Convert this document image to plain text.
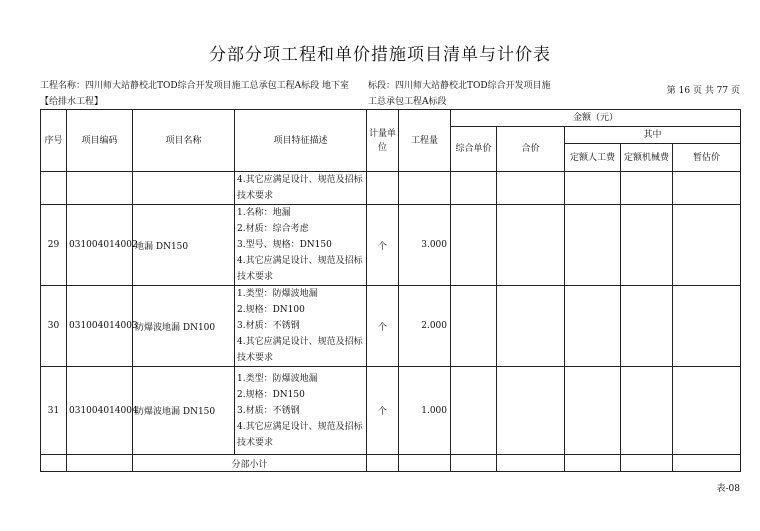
分部分项工程和单价措施项目清单与计价表
工程名称：四川师大站静校北TOD综合开发项目施工总承包工程A标段 地下室【给排水工程】
标段：四川师大站静校北TOD综合开发项目施工总承包工程A标段
第 16 页 共 77 页
序号	项目编码	项目名称	项目特征描述	计量单位	工程量	金额（元）				
						综合单价	合价	其中		
								定额人工费	定额机械费	暂估价

			4.其它应满足设计、规范及招标技术要求							

29	031004014002	地漏 DN150	1.名称：地漏
2.材质：综合考虑
3.型号、规格：DN150
4.其它应满足设计、规范及招标技术要求	个	3.000					
30	031004014003	防爆波地漏 DN100	1.类型：防爆波地漏
2.规格：DN100
3.材质：不锈钢
4.其它应满足设计、规范及招标技术要求	个	2.000					
31	031004014004	防爆波地漏 DN150	1.类型：防爆波地漏
2.规格：DN150
3.材质：不锈钢
4.其它应满足设计、规范及招标技术要求	个	1.000					
		分部小计								
表-08
